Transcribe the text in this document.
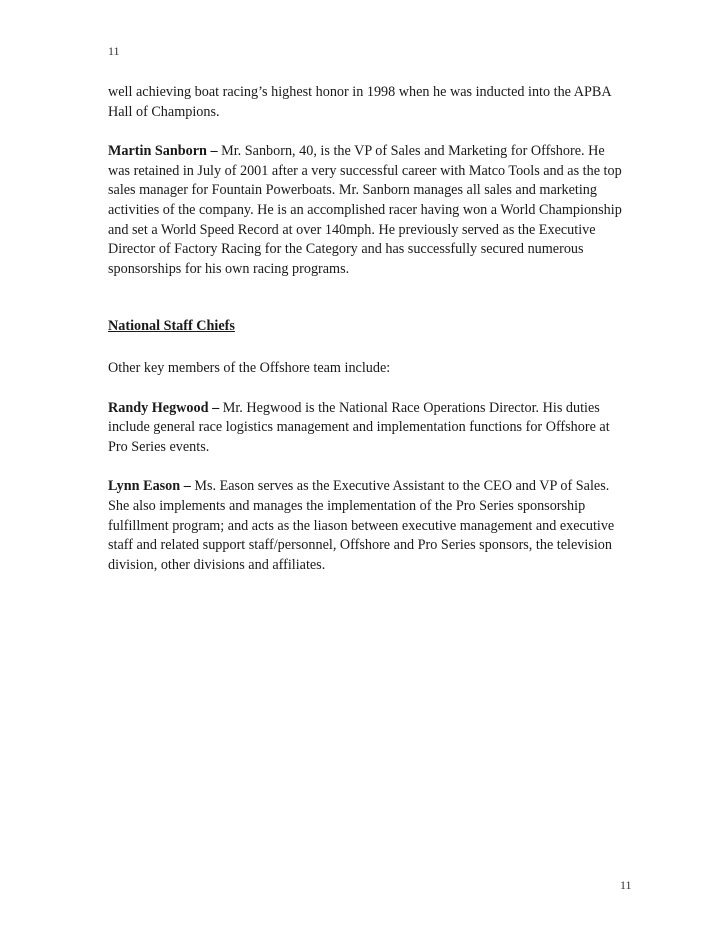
11

well achieving boat racing’s highest honor in 1998 when he was inducted into the APBA Hall of Champions.

Martin Sanborn – Mr. Sanborn, 40, is the VP of Sales and Marketing for Offshore. He was retained in July of 2001 after a very successful career with Matco Tools and as the top sales manager for Fountain Powerboats. Mr. Sanborn manages all sales and marketing activities of the company. He is an accomplished racer having won a World Championship and set a World Speed Record at over 140mph. He previously served as the Executive Director of Factory Racing for the Category and has successfully secured numerous sponsorships for his own racing programs.

National Staff Chiefs

Other key members of the Offshore team include:

Randy Hegwood – Mr. Hegwood is the National Race Operations Director. His duties include general race logistics management and implementation functions for Offshore at Pro Series events.

Lynn Eason – Ms. Eason serves as the Executive Assistant to the CEO and VP of Sales. She also implements and manages the implementation of the Pro Series sponsorship fulfillment program; and acts as the liason between executive management and executive staff and related support staff/personnel, Offshore and Pro Series sponsors, the television division, other divisions and affiliates.

11
